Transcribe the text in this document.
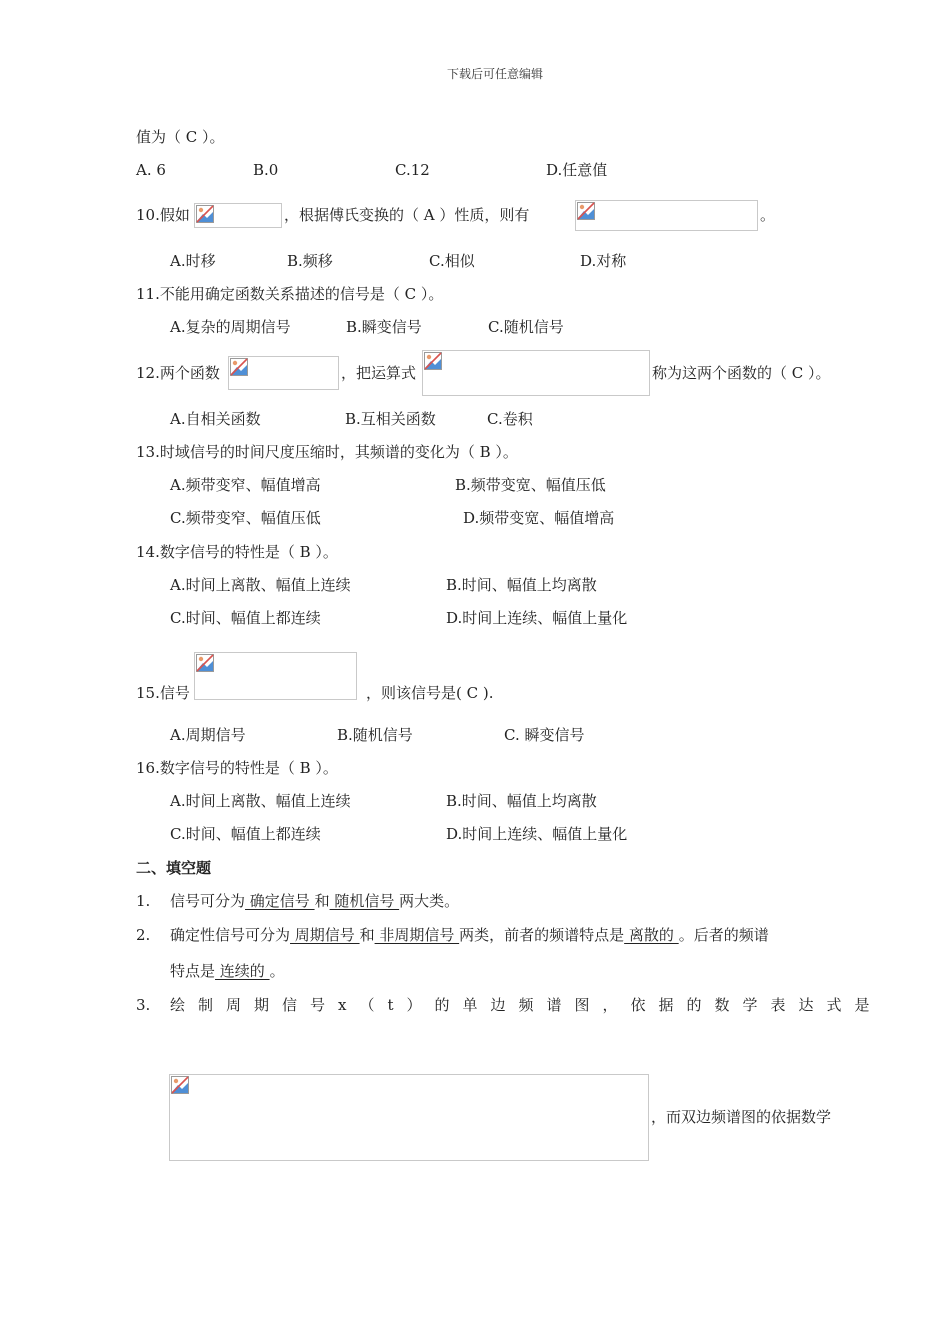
下载后可任意编辑
值为（ C ）。
A. 6	B.0	C.12	D.任意值
10.假如	，根据傅氏变换的（ A ）性质，则有	。
A.时移	B.频移	C.相似	D.对称
11.不能用确定函数关系描述的信号是（ C ）。
A.复杂的周期信号	B.瞬变信号	C.随机信号
12.两个函数	，把运算式	称为这两个函数的（ C ）。
A.自相关函数	B.互相关函数	C.卷积
13.时域信号的时间尺度压缩时，其频谱的变化为（ B ）。
A.频带变窄、幅值增高	B.频带变宽、幅值压低
C.频带变窄、幅值压低	D.频带变宽、幅值增高
14.数字信号的特性是（ B ）。
A.时间上离散、幅值上连续	B.时间、幅值上均离散
C.时间、幅值上都连续	D.时间上连续、幅值上量化
15.信号	，则该信号是( C ).
A.周期信号	B.随机信号	C. 瞬变信号
16.数字信号的特性是（ B ）。
A.时间上离散、幅值上连续	B.时间、幅值上均离散
C.时间、幅值上都连续	D.时间上连续、幅值上量化
二、填空题
1. 信号可分为 确定信号 和 随机信号 两大类。
2. 确定性信号可分为 周期信号 和 非周期信号 两类，前者的频谱特点是 离散的 。后者的频谱
特点是 连续的 。
3. 绘制周期信号x（t）的单边频谱图，依据的数学表达式是
，而双边频谱图的依据数学
